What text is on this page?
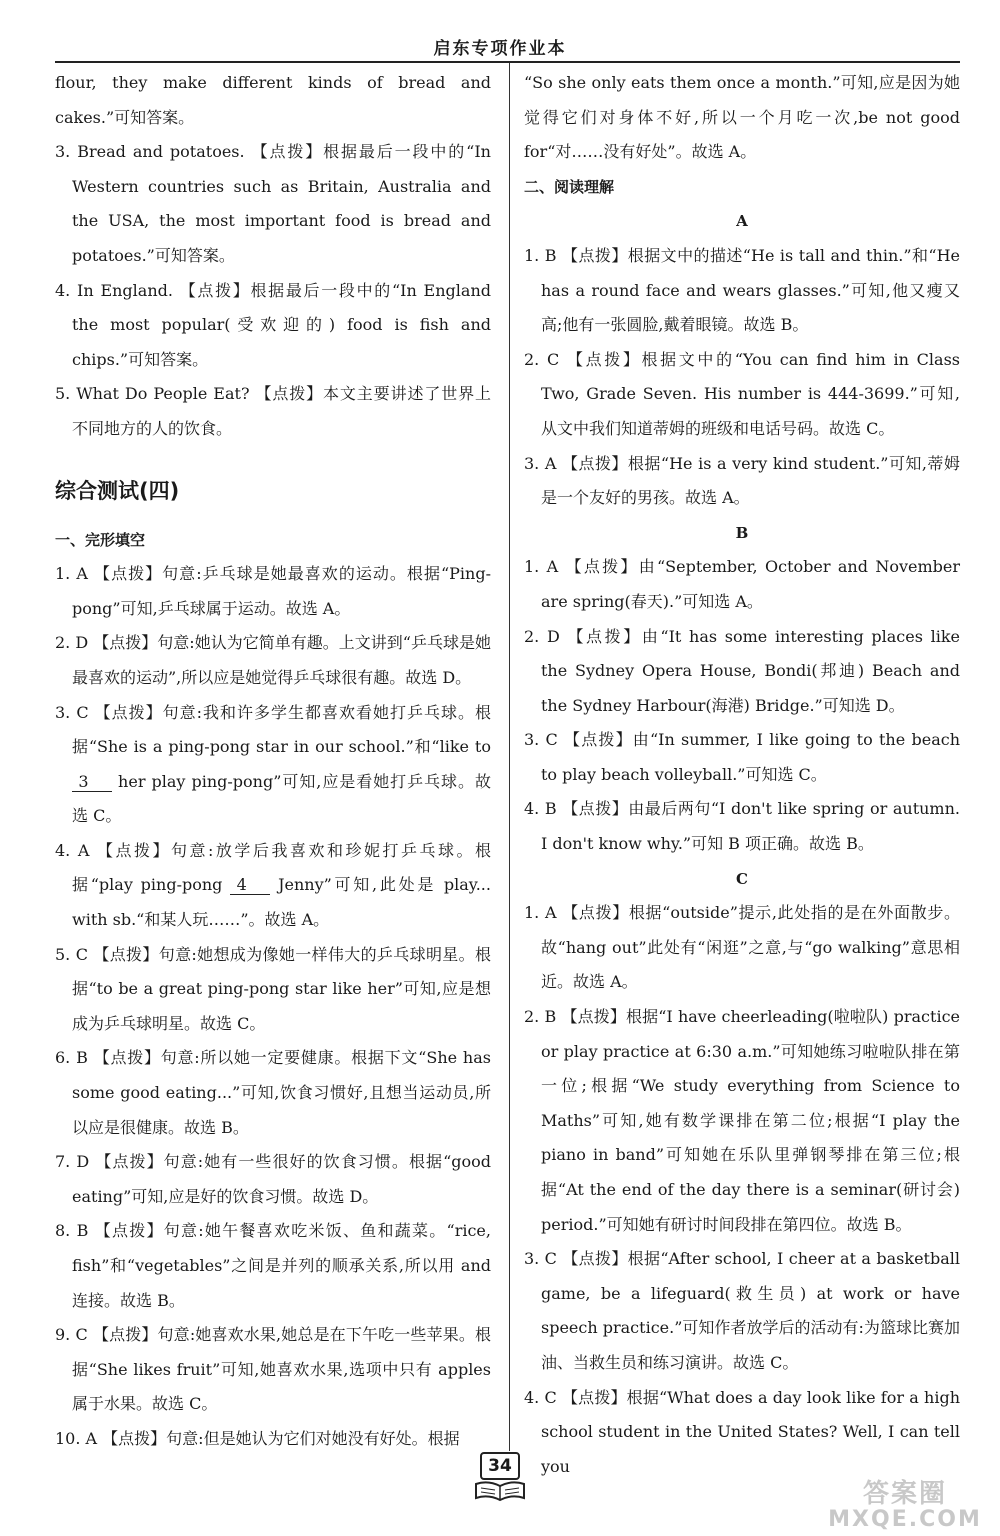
启东专项作业本
flour, they make different kinds of bread and cakes.”可知答案。
3. Bread and potatoes. 【点拨】根据最后一段中的“In Western countries such as Britain, Australia and the USA, the most important food is bread and potatoes.”可知答案。
4. In England. 【点拨】根据最后一段中的“In England the most popular(受欢迎的) food is fish and chips.”可知答案。
5. What Do People Eat? 【点拨】本文主要讲述了世界上不同地方的人的饮食。
综合测试(四)
一、完形填空
1. A 【点拨】句意:乒乓球是她最喜欢的运动。根据“Ping-pong”可知,乒乓球属于运动。故选 A。
2. D 【点拨】句意:她认为它简单有趣。上文讲到“乒乓球是她最喜欢的运动”,所以应是她觉得乒乓球很有趣。故选 D。
3. C 【点拨】句意:我和许多学生都喜欢看她打乒乓球。根据“She is a ping-pong star in our school.”和“like to 3 her play ping-pong”可知,应是看她打乒乓球。故选 C。
4. A 【点拨】句意:放学后我喜欢和珍妮打乒乓球。根据“play ping-pong 4 Jenny”可知,此处是 play... with sb.“和某人玩……”。故选 A。
5. C 【点拨】句意:她想成为像她一样伟大的乒乓球明星。根据“to be a great ping-pong star like her”可知,应是想成为乒乓球明星。故选 C。
6. B 【点拨】句意:所以她一定要健康。根据下文“She has some good eating...”可知,饮食习惯好,且想当运动员,所以应是很健康。故选 B。
7. D 【点拨】句意:她有一些很好的饮食习惯。根据“good eating”可知,应是好的饮食习惯。故选 D。
8. B 【点拨】句意:她午餐喜欢吃米饭、鱼和蔬菜。“rice, fish”和“vegetables”之间是并列的顺承关系,所以用 and 连接。故选 B。
9. C 【点拨】句意:她喜欢水果,她总是在下午吃一些苹果。根据“She likes fruit”可知,她喜欢水果,选项中只有 apples 属于水果。故选 C。
10. A 【点拨】句意:但是她认为它们对她没有好处。根据
“So she only eats them once a month.”可知,应是因为她觉得它们对身体不好,所以一个月吃一次,be not good for“对……没有好处”。故选 A。
二、阅读理解
A
1. B 【点拨】根据文中的描述“He is tall and thin.”和“He has a round face and wears glasses.”可知,他又瘦又高;他有一张圆脸,戴着眼镜。故选 B。
2. C 【点拨】根据文中的“You can find him in Class Two, Grade Seven. His number is 444-3699.”可知,从文中我们知道蒂姆的班级和电话号码。故选 C。
3. A 【点拨】根据“He is a very kind student.”可知,蒂姆是一个友好的男孩。故选 A。
B
1. A 【点拨】由“September, October and November are spring(春天).”可知选 A。
2. D 【点拨】由“It has some interesting places like the Sydney Opera House, Bondi(邦迪) Beach and the Sydney Harbour(海港) Bridge.”可知选 D。
3. C 【点拨】由“In summer, I like going to the beach to play beach volleyball.”可知选 C。
4. B 【点拨】由最后两句“I don't like spring or autumn. I don't know why.”可知 B 项正确。故选 B。
C
1. A 【点拨】根据“outside”提示,此处指的是在外面散步。故“hang out”此处有“闲逛”之意,与“go walking”意思相近。故选 A。
2. B 【点拨】根据“I have cheerleading(啦啦队) practice or play practice at 6:30 a.m.”可知她练习啦啦队排在第一位;根据“We study everything from Science to Maths”可知,她有数学课排在第二位;根据“I play the piano in band”可知她在乐队里弹钢琴排在第三位;根据“At the end of the day there is a seminar(研讨会) period.”可知她有研讨时间段排在第四位。故选 B。
3. C 【点拨】根据“After school, I cheer at a basketball game, be a lifeguard(救生员) at work or have speech practice.”可知作者放学后的活动有:为篮球比赛加油、当救生员和练习演讲。故选 C。
4. C 【点拨】根据“What does a day look like for a high school student in the United States? Well, I can tell you
34
答案圈
MXQE.COM
